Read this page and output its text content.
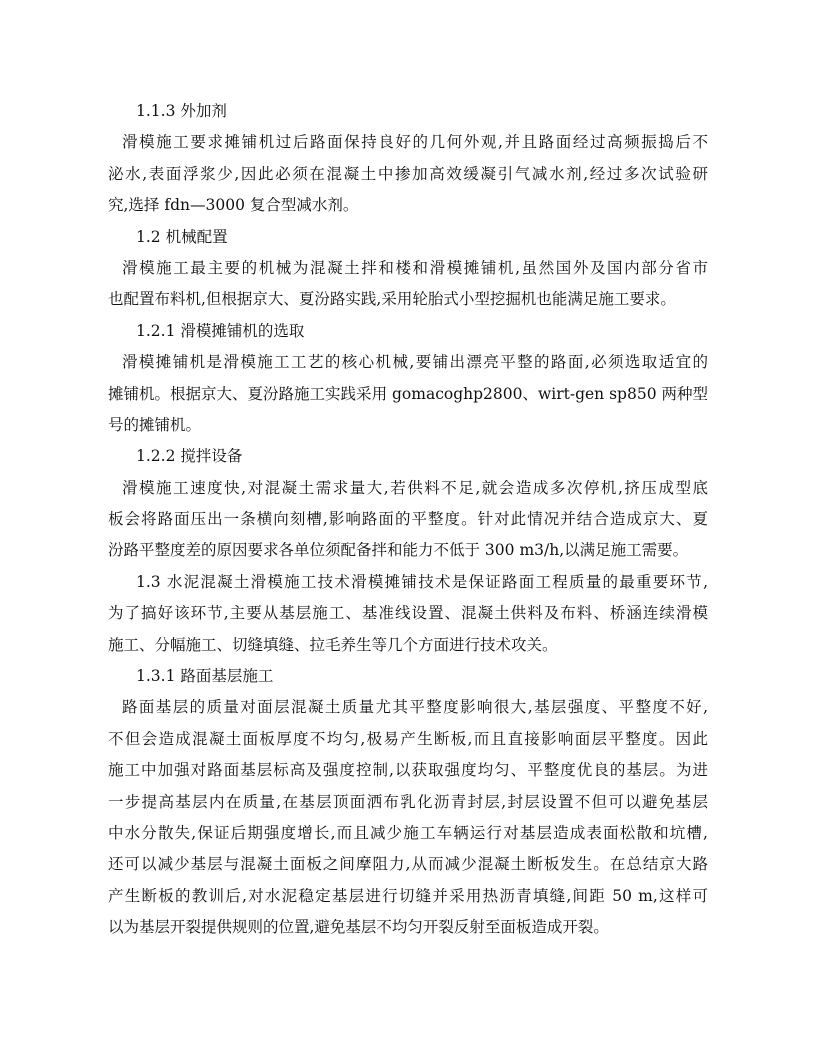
1.1.3 外加剂
滑模施工要求摊铺机过后路面保持良好的几何外观,并且路面经过高频振捣后不
泌水,表面浮浆少,因此必须在混凝土中掺加高效缓凝引气减水剂,经过多次试验研
究,选择 fdn—3000 复合型减水剂。
1.2 机械配置
滑模施工最主要的机械为混凝土拌和楼和滑模摊铺机,虽然国外及国内部分省市
也配置布料机,但根据京大、夏汾路实践,采用轮胎式小型挖掘机也能满足施工要求。
1.2.1 滑模摊铺机的选取
滑模摊铺机是滑模施工工艺的核心机械,要铺出漂亮平整的路面,必须选取适宜的
摊铺机。根据京大、夏汾路施工实践采用 gomacoghp2800、wirt-gen sp850 两种型
号的摊铺机。
1.2.2 搅拌设备
滑模施工速度快,对混凝土需求量大,若供料不足,就会造成多次停机,挤压成型底
板会将路面压出一条横向刻槽,影响路面的平整度。针对此情况并结合造成京大、夏
汾路平整度差的原因要求各单位须配备拌和能力不低于 300 m3/h,以满足施工需要。
1.3 水泥混凝土滑模施工技术滑模摊铺技术是保证路面工程质量的最重要环节,
为了搞好该环节,主要从基层施工、基准线设置、混凝土供料及布料、桥涵连续滑模
施工、分幅施工、切缝填缝、拉毛养生等几个方面进行技术攻关。
1.3.1 路面基层施工
路面基层的质量对面层混凝土质量尤其平整度影响很大,基层强度、平整度不好,
不但会造成混凝土面板厚度不均匀,极易产生断板,而且直接影响面层平整度。因此
施工中加强对路面基层标高及强度控制,以获取强度均匀、平整度优良的基层。为进
一步提高基层内在质量,在基层顶面洒布乳化沥青封层,封层设置不但可以避免基层
中水分散失,保证后期强度增长,而且减少施工车辆运行对基层造成表面松散和坑槽,
还可以减少基层与混凝土面板之间摩阻力,从而减少混凝土断板发生。在总结京大路
产生断板的教训后,对水泥稳定基层进行切缝并采用热沥青填缝,间距 50 m,这样可
以为基层开裂提供规则的位置,避免基层不均匀开裂反射至面板造成开裂。
